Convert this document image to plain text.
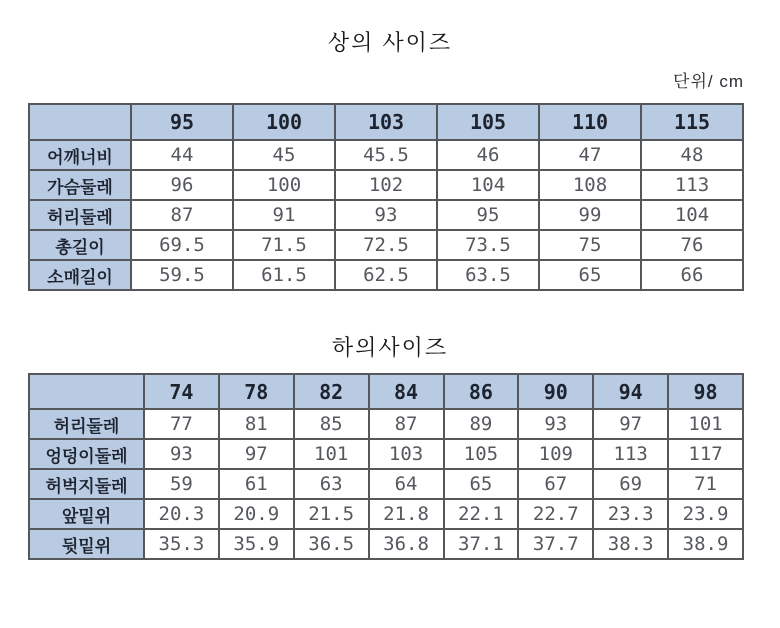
상의 사이즈
단위/ cm
	95	100	103	105	110	115
어깨너비	44	45	45.5	46	47	48
가슴둘레	96	100	102	104	108	113
허리둘레	87	91	93	95	99	104
총길이	69.5	71.5	72.5	73.5	75	76
소매길이	59.5	61.5	62.5	63.5	65	66
하의사이즈
	74	78	82	84	86	90	94	98
허리둘레	77	81	85	87	89	93	97	101
엉덩이둘레	93	97	101	103	105	109	113	117
허벅지둘레	59	61	63	64	65	67	69	71
앞밑위	20.3	20.9	21.5	21.8	22.1	22.7	23.3	23.9
뒷밑위	35.3	35.9	36.5	36.8	37.1	37.7	38.3	38.9
